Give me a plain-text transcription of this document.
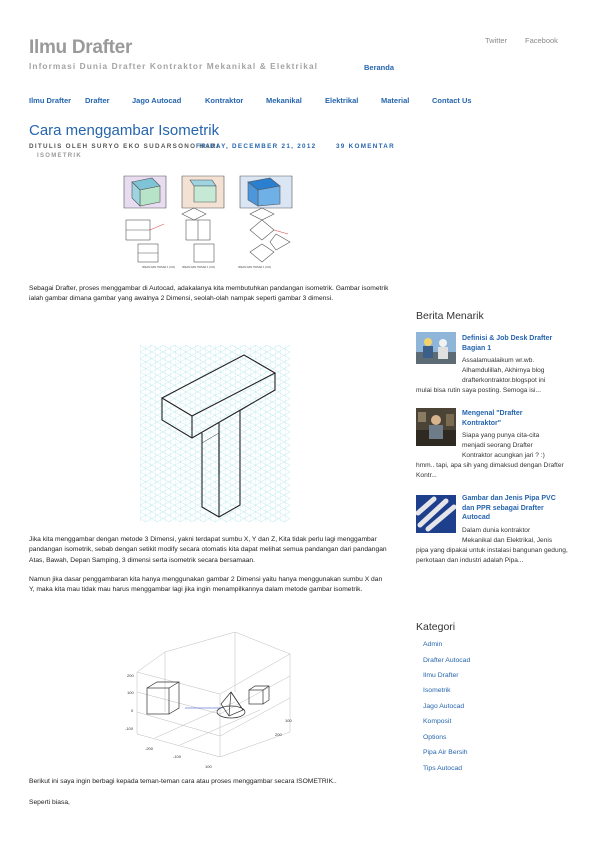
Ilmu Drafter
Informasi Dunia Drafter Kontraktor Mekanikal & Elektrikal
Twitter Facebook
Beranda
Ilmu Drafter Drafter	Jago Autocad	Kontraktor	Mekanikal	Elektrikal	Material	Contact Us
Cara menggambar Isometrik
DITULIS OLEH SURYO EKO SUDARSONO HARI
FRIDAY, DECEMBER 21, 2012	39 KOMENTAR
ISOMETRIK
IRSAN DAN TIRSAN 1 (X/A)	IRSAN DAN TIRSAN 1 (X/A)	IRSAN DAN TIRSAN 1 (X/A)
Sebagai Drafter, proses menggambar di Autocad, adakalanya kita membutuhkan pandangan isometrik. Gambar isometrik ialah gambar dimana gambar yang awalnya 2 Dimensi, seolah-olah nampak seperti gambar 3 dimensi.
Jika kita menggambar dengan metode 3 Dimensi, yakni terdapat sumbu X, Y dan Z, Kita tidak perlu lagi menggambar pandangan isometrik, sebab dengan setikit modify secara otomatis kita dapat melihat semua pandangan dari pandangan Atas, Bawah, Depan Samping, 3 dimensi serta isometrik secara bersamaan.
Namun jika dasar penggambaran kita hanya menggunakan gambar 2 Dimensi yaitu hanya menggunakan sumbu X dan Y, maka kita mau tidak mau harus menggambar lagi jika ingin menampilkannya dalam metode gambar isometrik.
200
100
0
-100
-200
-100
100
200
100
Berikut ini saya ingin berbagi kepada teman-teman cara atau proses menggambar secara ISOMETRIK..
Seperti biasa,
Berita Menarik
Definisi & Job Desk Drafter
Bagian 1
Assalamualaikum wr.wb.
Alhamdulillah, Akhirnya blog
drafterkontraktor.blogspot ini
mulai bisa rutin saya posting. Semoga isi...
Mengenal "Drafter
Kontraktor"
Siapa yang punya cita-cita
menjadi seorang Drafter
Kontraktor acungkan jari ? :)
hmm.. tapi, apa sih yang dimaksud dengan Drafter Kontr...
Gambar dan Jenis Pipa PVC
dan PPR sebagai Drafter
Autocad
Dalam dunia kontraktor
Mekanikal dan Elektrikal, Jenis
pipa yang dipakai untuk instalasi bangunan gedung, perkotaan dan industri adalah Pipa...
Kategori
Admin
Drafter Autocad
Ilmu Drafter
Isometrik
Jago Autocad
Komposit
Options
Pipa Air Bersih
Tips Autocad
